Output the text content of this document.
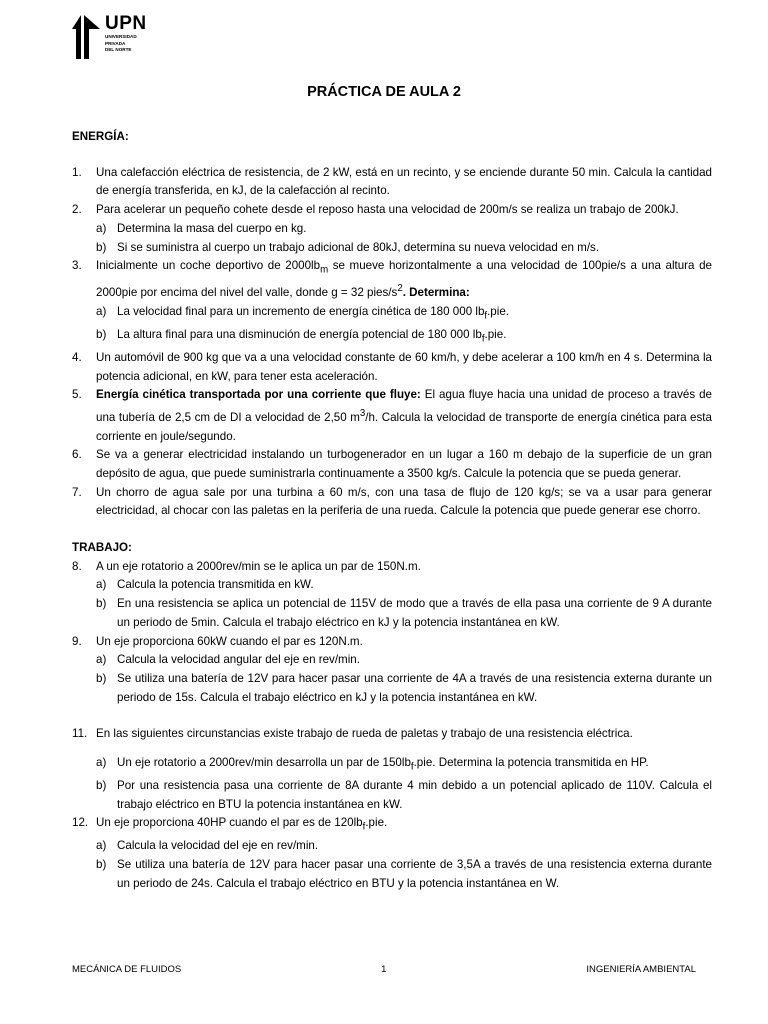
UPN
UNIVERSIDAD
PRIVADA
DEL NORTE
PRÁCTICA DE AULA 2
ENERGÍA:
1. Una calefacción eléctrica de resistencia, de 2 kW, está en un recinto, y se enciende durante 50 min. Calcula la cantidad de energía transferida, en kJ, de la calefacción al recinto.
2. Para acelerar un pequeño cohete desde el reposo hasta una velocidad de 200m/s se realiza un trabajo de 200kJ.
a) Determina la masa del cuerpo en kg.
b) Si se suministra al cuerpo un trabajo adicional de 80kJ, determina su nueva velocidad en m/s.
3. Inicialmente un coche deportivo de $2000lb_m$ se mueve horizontalmente a una velocidad de 100pie/s a una altura de 2000pie por encima del nivel del valle, donde g = 32 pies/$s^2$. Determina:
a) La velocidad final para un incremento de energía cinética de 180 000 $lb_f.pie$.
b) La altura final para una disminución de energía potencial de 180 000 $lb_f.pie$.
4. Un automóvil de 900 kg que va a una velocidad constante de 60 km/h, y debe acelerar a 100 km/h en 4 s. Determina la potencia adicional, en kW, para tener esta aceleración.
5. Energía cinética transportada por una corriente que fluye: El agua fluye hacia una unidad de proceso a través de una tubería de 2,5 cm de DI a velocidad de 2,50 $m^3/h$. Calcula la velocidad de transporte de energía cinética para esta corriente en joule/segundo.
6. Se va a generar electricidad instalando un turbogenerador en un lugar a 160 m debajo de la superficie de un gran depósito de agua, que puede suministrarla continuamente a 3500 kg/s. Calcule la potencia que se pueda generar.
7. Un chorro de agua sale por una turbina a 60 m/s, con una tasa de flujo de 120 kg/s; se va a usar para generar electricidad, al chocar con las paletas en la periferia de una rueda. Calcule la potencia que puede generar ese chorro.
TRABAJO:
8. A un eje rotatorio a 2000rev/min se le aplica un par de 150N.m.
a) Calcula la potencia transmitida en kW.
b) En una resistencia se aplica un potencial de 115V de modo que a través de ella pasa una corriente de 9 A durante un periodo de 5min. Calcula el trabajo eléctrico en kJ y la potencia instantánea en kW.
9. Un eje proporciona 60kW cuando el par es 120N.m.
a) Calcula la velocidad angular del eje en rev/min.
b) Se utiliza una batería de 12V para hacer pasar una corriente de 4A a través de una resistencia externa durante un periodo de 15s. Calcula el trabajo eléctrico en kJ y la potencia instantánea en kW.
11. En las siguientes circunstancias existe trabajo de rueda de paletas y trabajo de una resistencia eléctrica.
a) Un eje rotatorio a 2000rev/min desarrolla un par de $150lb_f.pie$. Determina la potencia transmitida en HP.
b) Por una resistencia pasa una corriente de 8A durante 4 min debido a un potencial aplicado de 110V. Calcula el trabajo eléctrico en BTU la potencia instantánea en kW.
12. Un eje proporciona 40HP cuando el par es de $120lb_f.pie$.
a) Calcula la velocidad del eje en rev/min.
b) Se utiliza una batería de 12V para hacer pasar una corriente de 3,5A a través de una resistencia externa durante un periodo de 24s. Calcula el trabajo eléctrico en BTU y la potencia instantánea en W.
MECÁNICA DE FLUIDOS	1	INGENIERÍA AMBIENTAL
